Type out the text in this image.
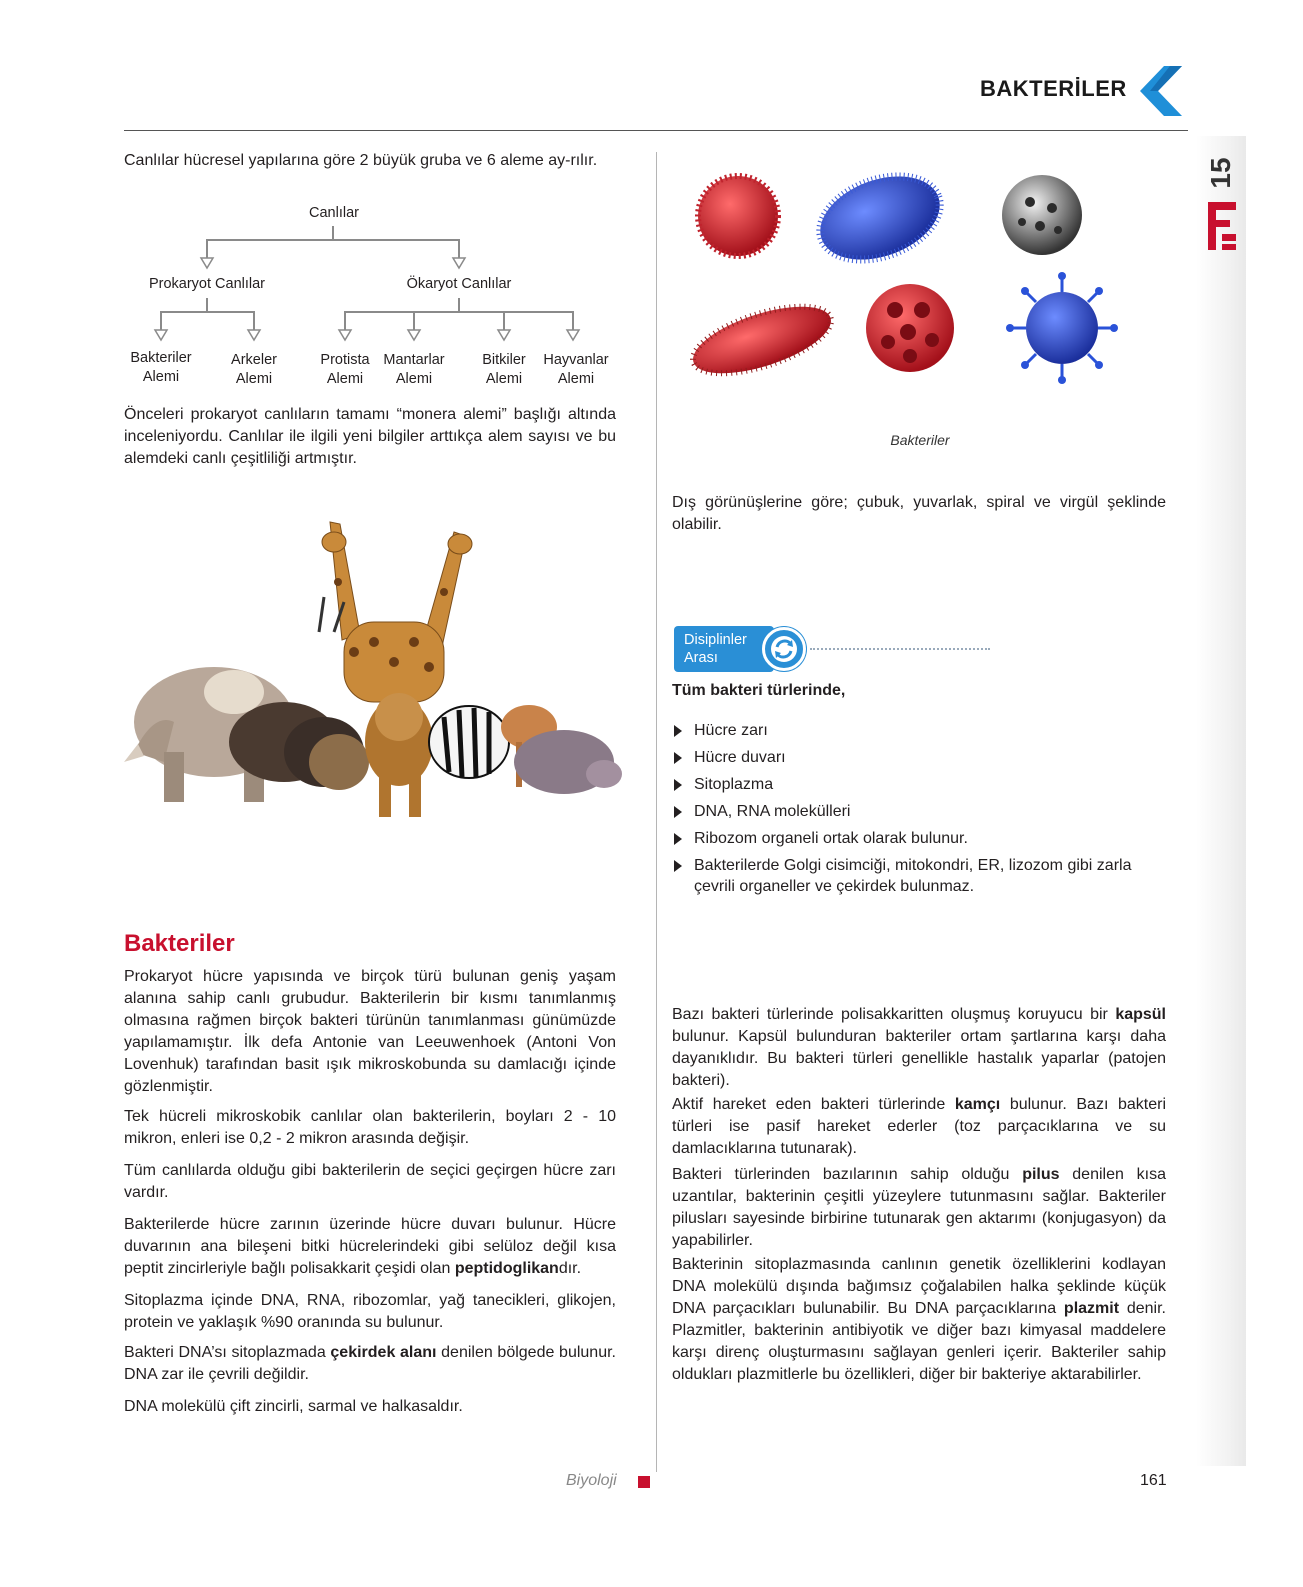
BAKTERİLER
15

Canlılar hücresel yapılarına göre 2 büyük gruba ve 6 aleme ay-rılır.

Canlılar
Prokaryot Canlılar	Ökaryot Canlılar
Bakteriler Alemi
Arkeler Alemi
Protista Alemi
Mantarlar Alemi
Bitkiler Alemi
Hayvanlar Alemi

Önceleri prokaryot canlıların tamamı “monera alemi” başlığı altında inceleniyordu. Canlılar ile ilgili yeni bilgiler arttıkça alem sayısı ve bu alemdeki canlı çeşitliliği artmıştır.

Bakteriler

Prokaryot hücre yapısında ve birçok türü bulunan geniş yaşam alanına sahip canlı grubudur. Bakterilerin bir kısmı tanımlanmış olmasına rağmen birçok bakteri türünün tanımlanması günümüzde yapılamamıştır. İlk defa Antonie van Leeuwenhoek (Antoni Von Lovenhuk) tarafından basit ışık mikroskobunda su damlacığı içinde gözlenmiştir.

Tek hücreli mikroskobik canlılar olan bakterilerin, boyları 2 - 10 mikron, enleri ise 0,2 - 2 mikron arasında değişir.

Tüm canlılarda olduğu gibi bakterilerin de seçici geçirgen hücre zarı vardır.

Bakterilerde hücre zarının üzerinde hücre duvarı bulunur. Hücre duvarının ana bileşeni bitki hücrelerindeki gibi selüloz değil kısa peptit zincirleriyle bağlı polisakkarit çeşidi olan peptidoglikandır.

Sitoplazma içinde DNA, RNA, ribozomlar, yağ tanecikleri, glikojen, protein ve yaklaşık %90 oranında su bulunur.

Bakteri DNA’sı sitoplazmada çekirdek alanı denilen bölgede bulunur. DNA zar ile çevrili değildir.

DNA molekülü çift zincirli, sarmal ve halkasaldır.

Bakteriler

Dış görünüşlerine göre; çubuk, yuvarlak, spiral ve virgül şeklinde olabilir.

Disiplinler
Arası
Tüm bakteri türlerinde,
Hücre zarı
Hücre duvarı
Sitoplazma
DNA, RNA molekülleri
Ribozom organeli ortak olarak bulunur.
Bakterilerde Golgi cisimciği, mitokondri, ER, lizozom gibi zarla çevrili organeller ve çekirdek bulunmaz.

Bazı bakteri türlerinde polisakkaritten oluşmuş koruyucu bir kapsül bulunur. Kapsül bulunduran bakteriler ortam şartlarına karşı daha dayanıklıdır. Bu bakteri türleri genellikle hastalık yaparlar (patojen bakteri).

Aktif hareket eden bakteri türlerinde kamçı bulunur. Bazı bakteri türleri ise pasif hareket ederler (toz parçacıklarına ve su damlacıklarına tutunarak).

Bakteri türlerinden bazılarının sahip olduğu pilus denilen kısa uzantılar, bakterinin çeşitli yüzeylere tutunmasını sağlar. Bakteriler pilusları sayesinde birbirine tutunarak gen aktarımı (konjugasyon) da yapabilirler.

Bakterinin sitoplazmasında canlının genetik özelliklerini kodlayan DNA molekülü dışında bağımsız çoğalabilen halka şeklinde küçük DNA parçacıkları bulunabilir. Bu DNA parçacıklarına plazmit denir. Plazmitler, bakterinin antibiyotik ve diğer bazı kimyasal maddelere karşı direnç oluşturmasını sağlayan genleri içerir. Bakteriler sahip oldukları plazmitlerle bu özellikleri, diğer bir bakteriye aktarabilirler.

Biyoloji	161
